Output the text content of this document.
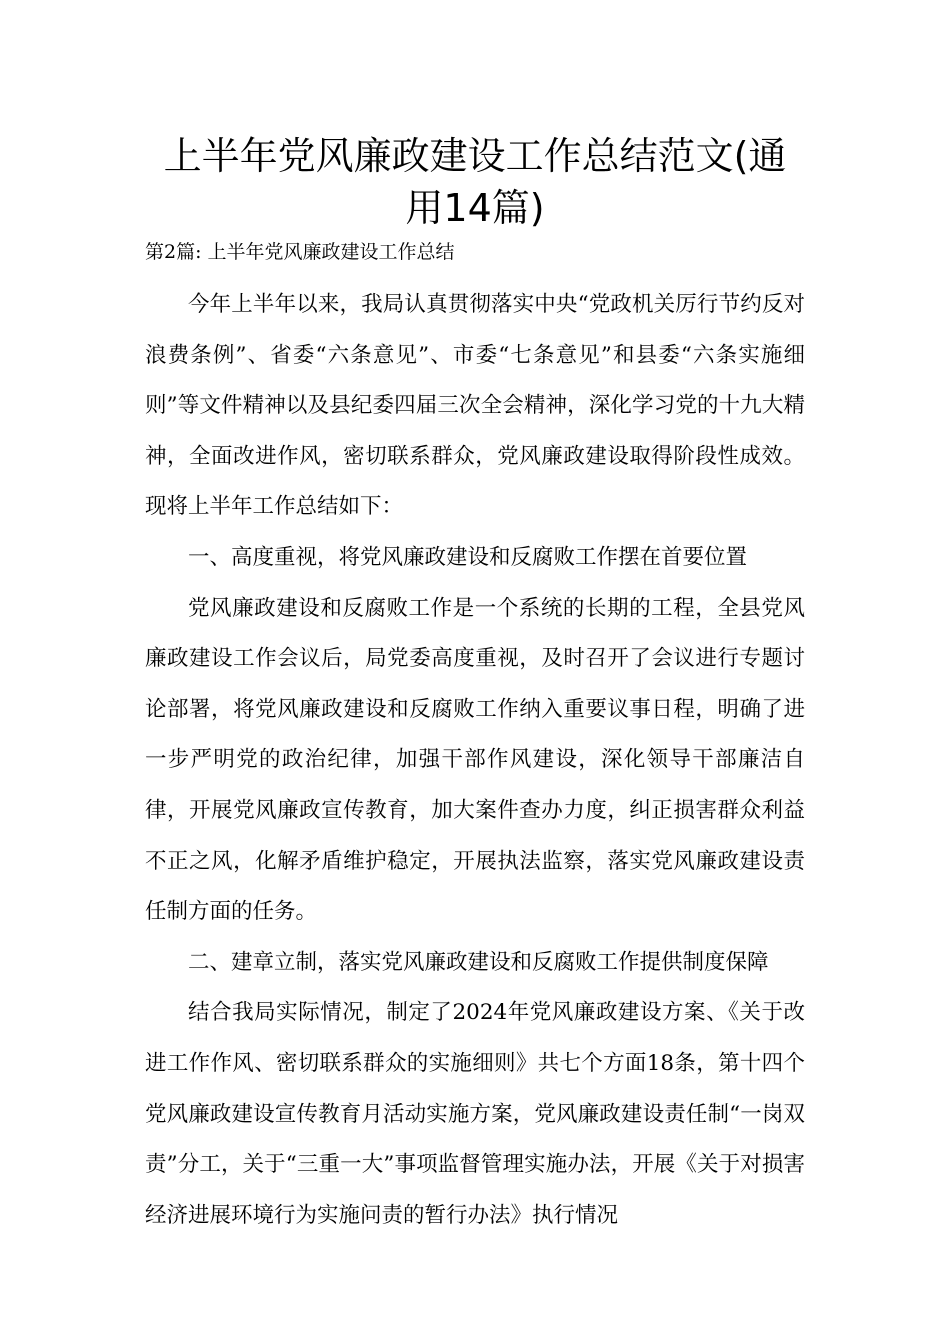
上半年党风廉政建设工作总结范文(通
用14篇)
第2篇: 上半年党风廉政建设工作总结

今年上半年以来，我局认真贯彻落实中央“党政机关厉行节约反对浪费条例”、省委“六条意见”、市委“七条意见”和县委“六条实施细则”等文件精神以及县纪委四届三次全会精神，深化学习党的十九大精神，全面改进作风，密切联系群众，党风廉政建设取得阶段性成效。现将上半年工作总结如下：

一、高度重视，将党风廉政建设和反腐败工作摆在首要位置

党风廉政建设和反腐败工作是一个系统的长期的工程，全县党风廉政建设工作会议后，局党委高度重视，及时召开了会议进行专题讨论部署，将党风廉政建设和反腐败工作纳入重要议事日程，明确了进一步严明党的政治纪律，加强干部作风建设，深化领导干部廉洁自律，开展党风廉政宣传教育，加大案件查办力度，纠正损害群众利益不正之风，化解矛盾维护稳定，开展执法监察，落实党风廉政建设责任制方面的任务。

二、建章立制，落实党风廉政建设和反腐败工作提供制度保障

结合我局实际情况，制定了2024年党风廉政建设方案、《关于改进工作作风、密切联系群众的实施细则》共七个方面18条，第十四个党风廉政建设宣传教育月活动实施方案，党风廉政建设责任制“一岗双责”分工，关于“三重一大”事项监督管理实施办法，开展《关于对损害经济进展环境行为实施问责的暂行办法》执行情况
